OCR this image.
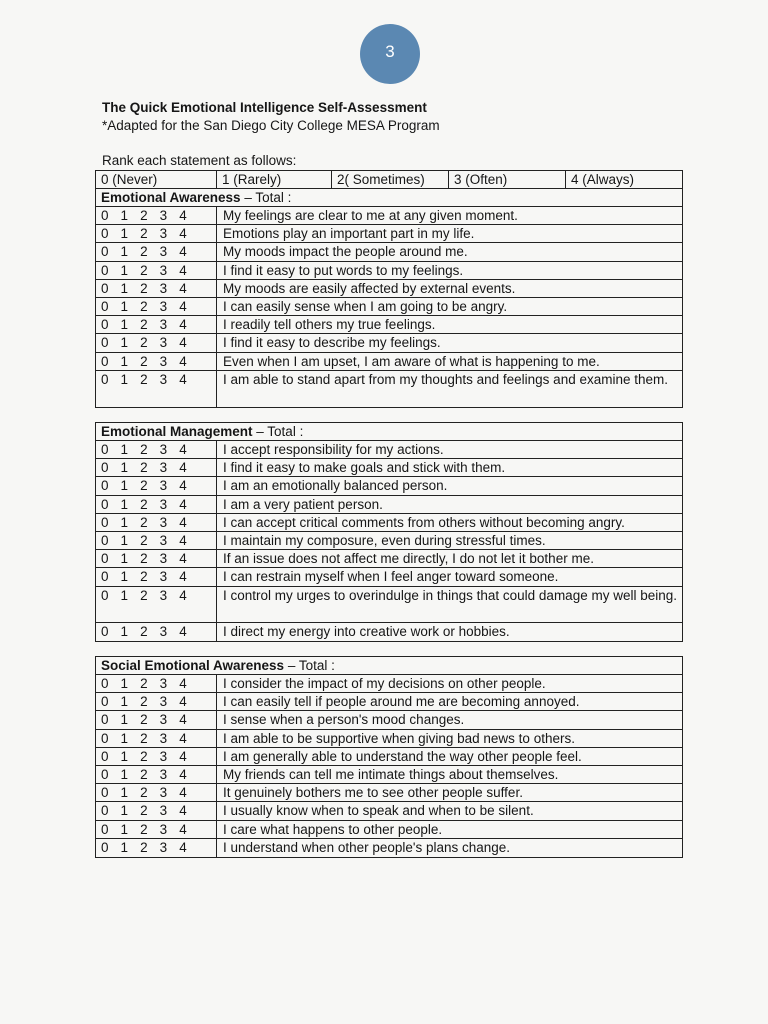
3
The Quick Emotional Intelligence Self-Assessment
*Adapted for the San Diego City College MESA Program
Rank each statement as follows:
0 (Never)	1 (Rarely)	2( Sometimes)	3 (Often)	4 (Always)
Emotional Awareness – Total :
0   1   2   3   4	My feelings are clear to me at any given moment.
0   1   2   3   4	Emotions play an important part in my life.
0   1   2   3   4	My moods impact the people around me.
0   1   2   3   4	I find it easy to put words to my feelings.
0   1   2   3   4	My moods are easily affected by external events.
0   1   2   3   4	I can easily sense when I am going to be angry.
0   1   2   3   4	I readily tell others my true feelings.
0   1   2   3   4	I find it easy to describe my feelings.
0   1   2   3   4	Even when I am upset, I am aware of what is happening to me.
0   1   2   3   4	I am able to stand apart from my thoughts and feelings and examine them.
Emotional Management – Total :
0   1   2   3   4	I accept responsibility for my actions.
0   1   2   3   4	I find it easy to make goals and stick with them.
0   1   2   3   4	I am an emotionally balanced person.
0   1   2   3   4	I am a very patient person.
0   1   2   3   4	I can accept critical comments from others without becoming angry.
0   1   2   3   4	I maintain my composure, even during stressful times.
0   1   2   3   4	If an issue does not affect me directly, I do not let it bother me.
0   1   2   3   4	I can restrain myself when I feel anger toward someone.
0   1   2   3   4	I control my urges to overindulge in things that could damage my well being.
0   1   2   3   4	I direct my energy into creative work or hobbies.
Social Emotional Awareness – Total :
0   1   2   3   4	I consider the impact of my decisions on other people.
0   1   2   3   4	I can easily tell if people around me are becoming annoyed.
0   1   2   3   4	I sense when a person's mood changes.
0   1   2   3   4	I am able to be supportive when giving bad news to others.
0   1   2   3   4	I am generally able to understand the way other people feel.
0   1   2   3   4	My friends can tell me intimate things about themselves.
0   1   2   3   4	It genuinely bothers me to see other people suffer.
0   1   2   3   4	I usually know when to speak and when to be silent.
0   1   2   3   4	I care what happens to other people.
0   1   2   3   4	I understand when other people's plans change.
